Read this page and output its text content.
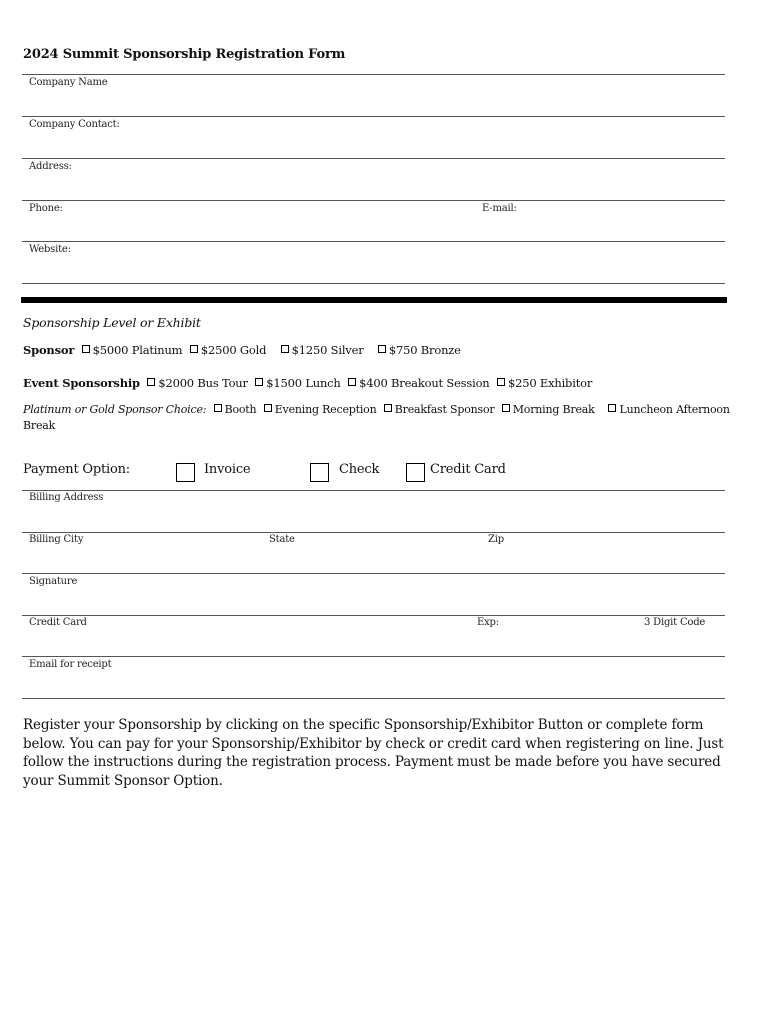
2024 Summit Sponsorship Registration Form
Company Name
Company Contact:
Address:
Phone:	E-mail:
Website:
Sponsorship Level or Exhibit
Sponsor $5000 Platinum $2500 Gold $1250 Silver $750 Bronze
Event Sponsorship $2000 Bus Tour $1500 Lunch $400 Breakout Session $250 Exhibitor
Platinum or Gold Sponsor Choice: Booth Evening Reception Breakfast Sponsor Morning Break Luncheon Afternoon
Break
Payment Option:	Invoice	Check	Credit Card
Billing Address
Billing City	State	Zip
Signature
Credit Card	Exp:	3 Digit Code
Email for receipt

Register your Sponsorship by clicking on the specific Sponsorship/Exhibitor Button or complete form below. You can pay for your Sponsorship/Exhibitor by check or credit card when registering on line. Just follow the instructions during the registration process. Payment must be made before you have secured your Summit Sponsor Option.
